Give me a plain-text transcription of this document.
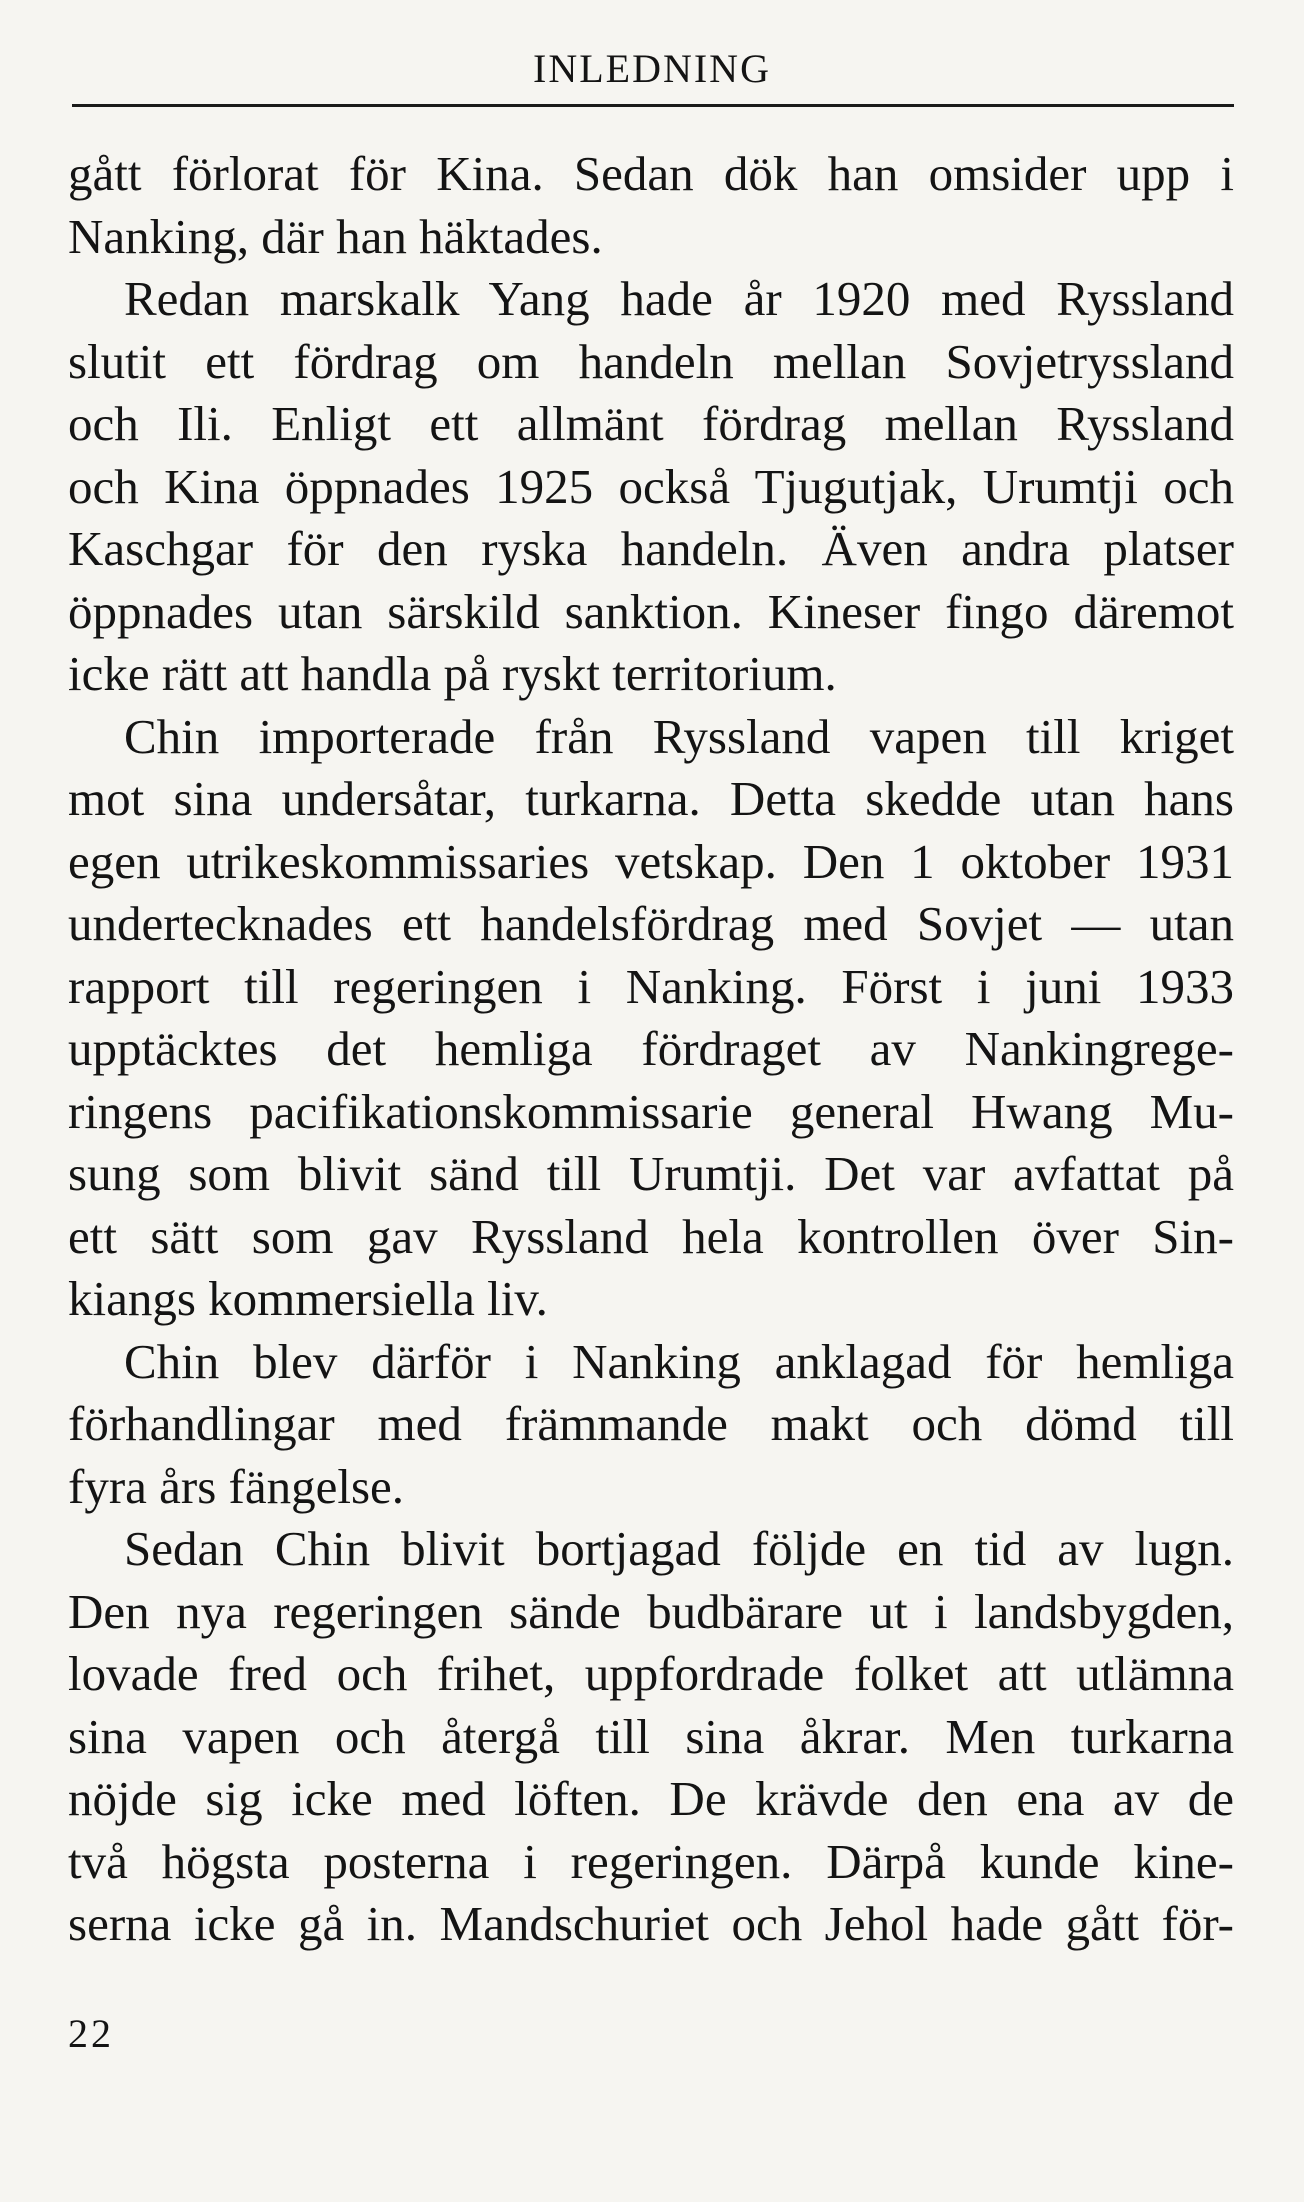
INLEDNING
gått förlorat för Kina. Sedan dök han omsider upp i
Nanking, där han häktades.
Redan marskalk Yang hade år 1920 med Ryssland
slutit ett fördrag om handeln mellan Sovjetryssland
och Ili. Enligt ett allmänt fördrag mellan Ryssland
och Kina öppnades 1925 också Tjugutjak, Urumtji och
Kaschgar för den ryska handeln. Även andra platser
öppnades utan särskild sanktion. Kineser fingo däremot
icke rätt att handla på ryskt territorium.
Chin importerade från Ryssland vapen till kriget
mot sina undersåtar, turkarna. Detta skedde utan hans
egen utrikeskommissaries vetskap. Den 1 oktober 1931
undertecknades ett handelsfördrag med Sovjet — utan
rapport till regeringen i Nanking. Först i juni 1933
upptäcktes det hemliga fördraget av Nankingrege-
ringens pacifikationskommissarie general Hwang Mu-
sung som blivit sänd till Urumtji. Det var avfattat på
ett sätt som gav Ryssland hela kontrollen över Sin-
kiangs kommersiella liv.
Chin blev därför i Nanking anklagad för hemliga
förhandlingar med främmande makt och dömd till
fyra års fängelse.
Sedan Chin blivit bortjagad följde en tid av lugn.
Den nya regeringen sände budbärare ut i landsbygden,
lovade fred och frihet, uppfordrade folket att utlämna
sina vapen och återgå till sina åkrar. Men turkarna
nöjde sig icke med löften. De krävde den ena av de
två högsta posterna i regeringen. Därpå kunde kine-
serna icke gå in. Mandschuriet och Jehol hade gått för-
22
